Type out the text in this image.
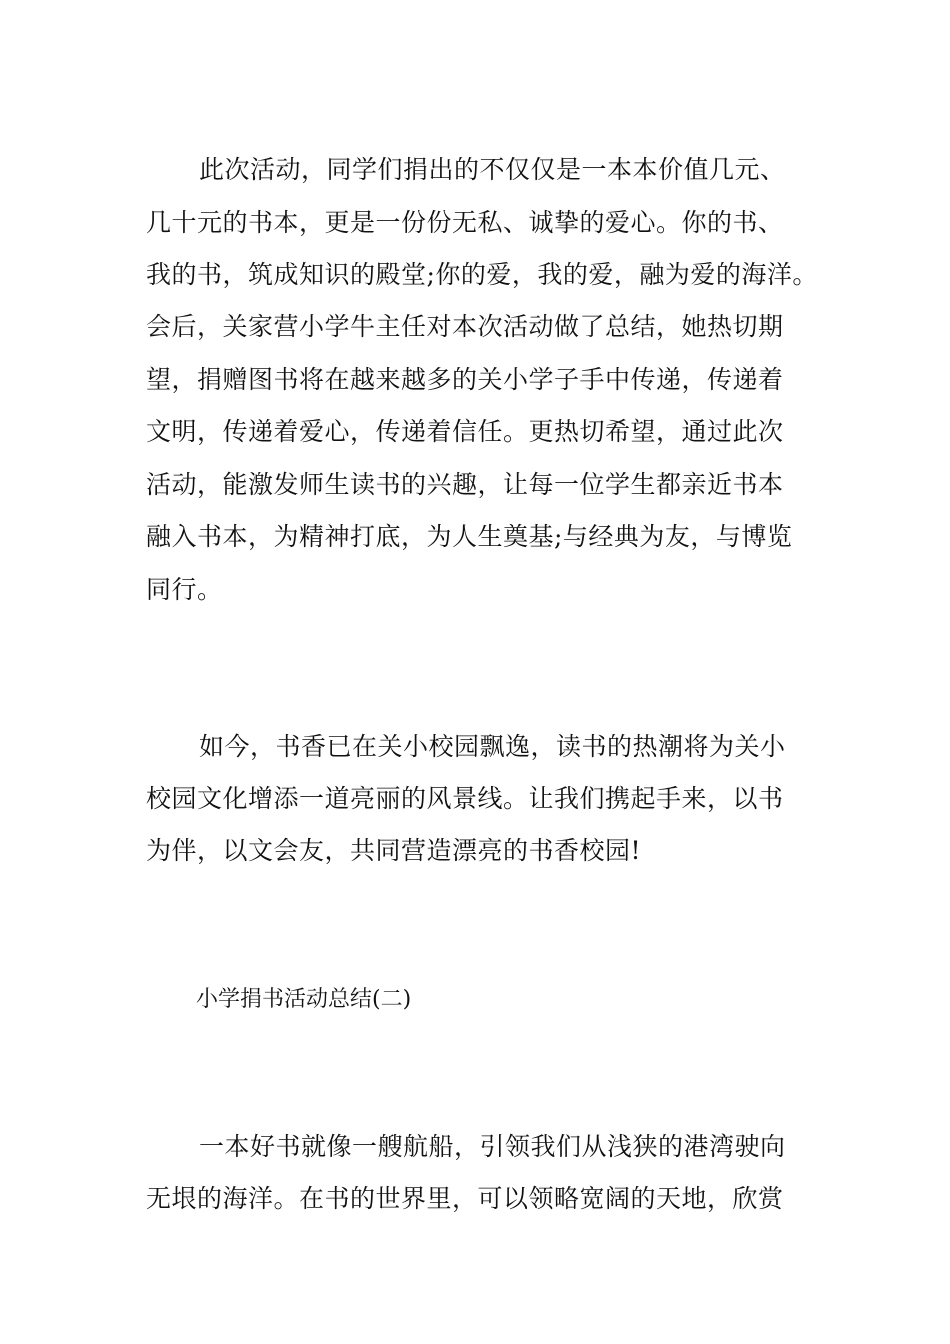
此次活动，同学们捐出的不仅仅是一本本价值几元、
几十元的书本，更是一份份无私、诚挚的爱心。你的书、
我的书，筑成知识的殿堂;你的爱，我的爱，融为爱的海洋。
会后，关家营小学牛主任对本次活动做了总结，她热切期
望，捐赠图书将在越来越多的关小学子手中传递，传递着
文明，传递着爱心，传递着信任。更热切希望，通过此次
活动，能激发师生读书的兴趣，让每一位学生都亲近书本
融入书本，为精神打底，为人生奠基;与经典为友，与博览
同行。
如今，书香已在关小校园飘逸，读书的热潮将为关小
校园文化增添一道亮丽的风景线。让我们携起手来，以书
为伴，以文会友，共同营造漂亮的书香校园!
小学捐书活动总结(二)
一本好书就像一艘航船，引领我们从浅狭的港湾驶向
无垠的海洋。在书的世界里，可以领略宽阔的天地，欣赏
